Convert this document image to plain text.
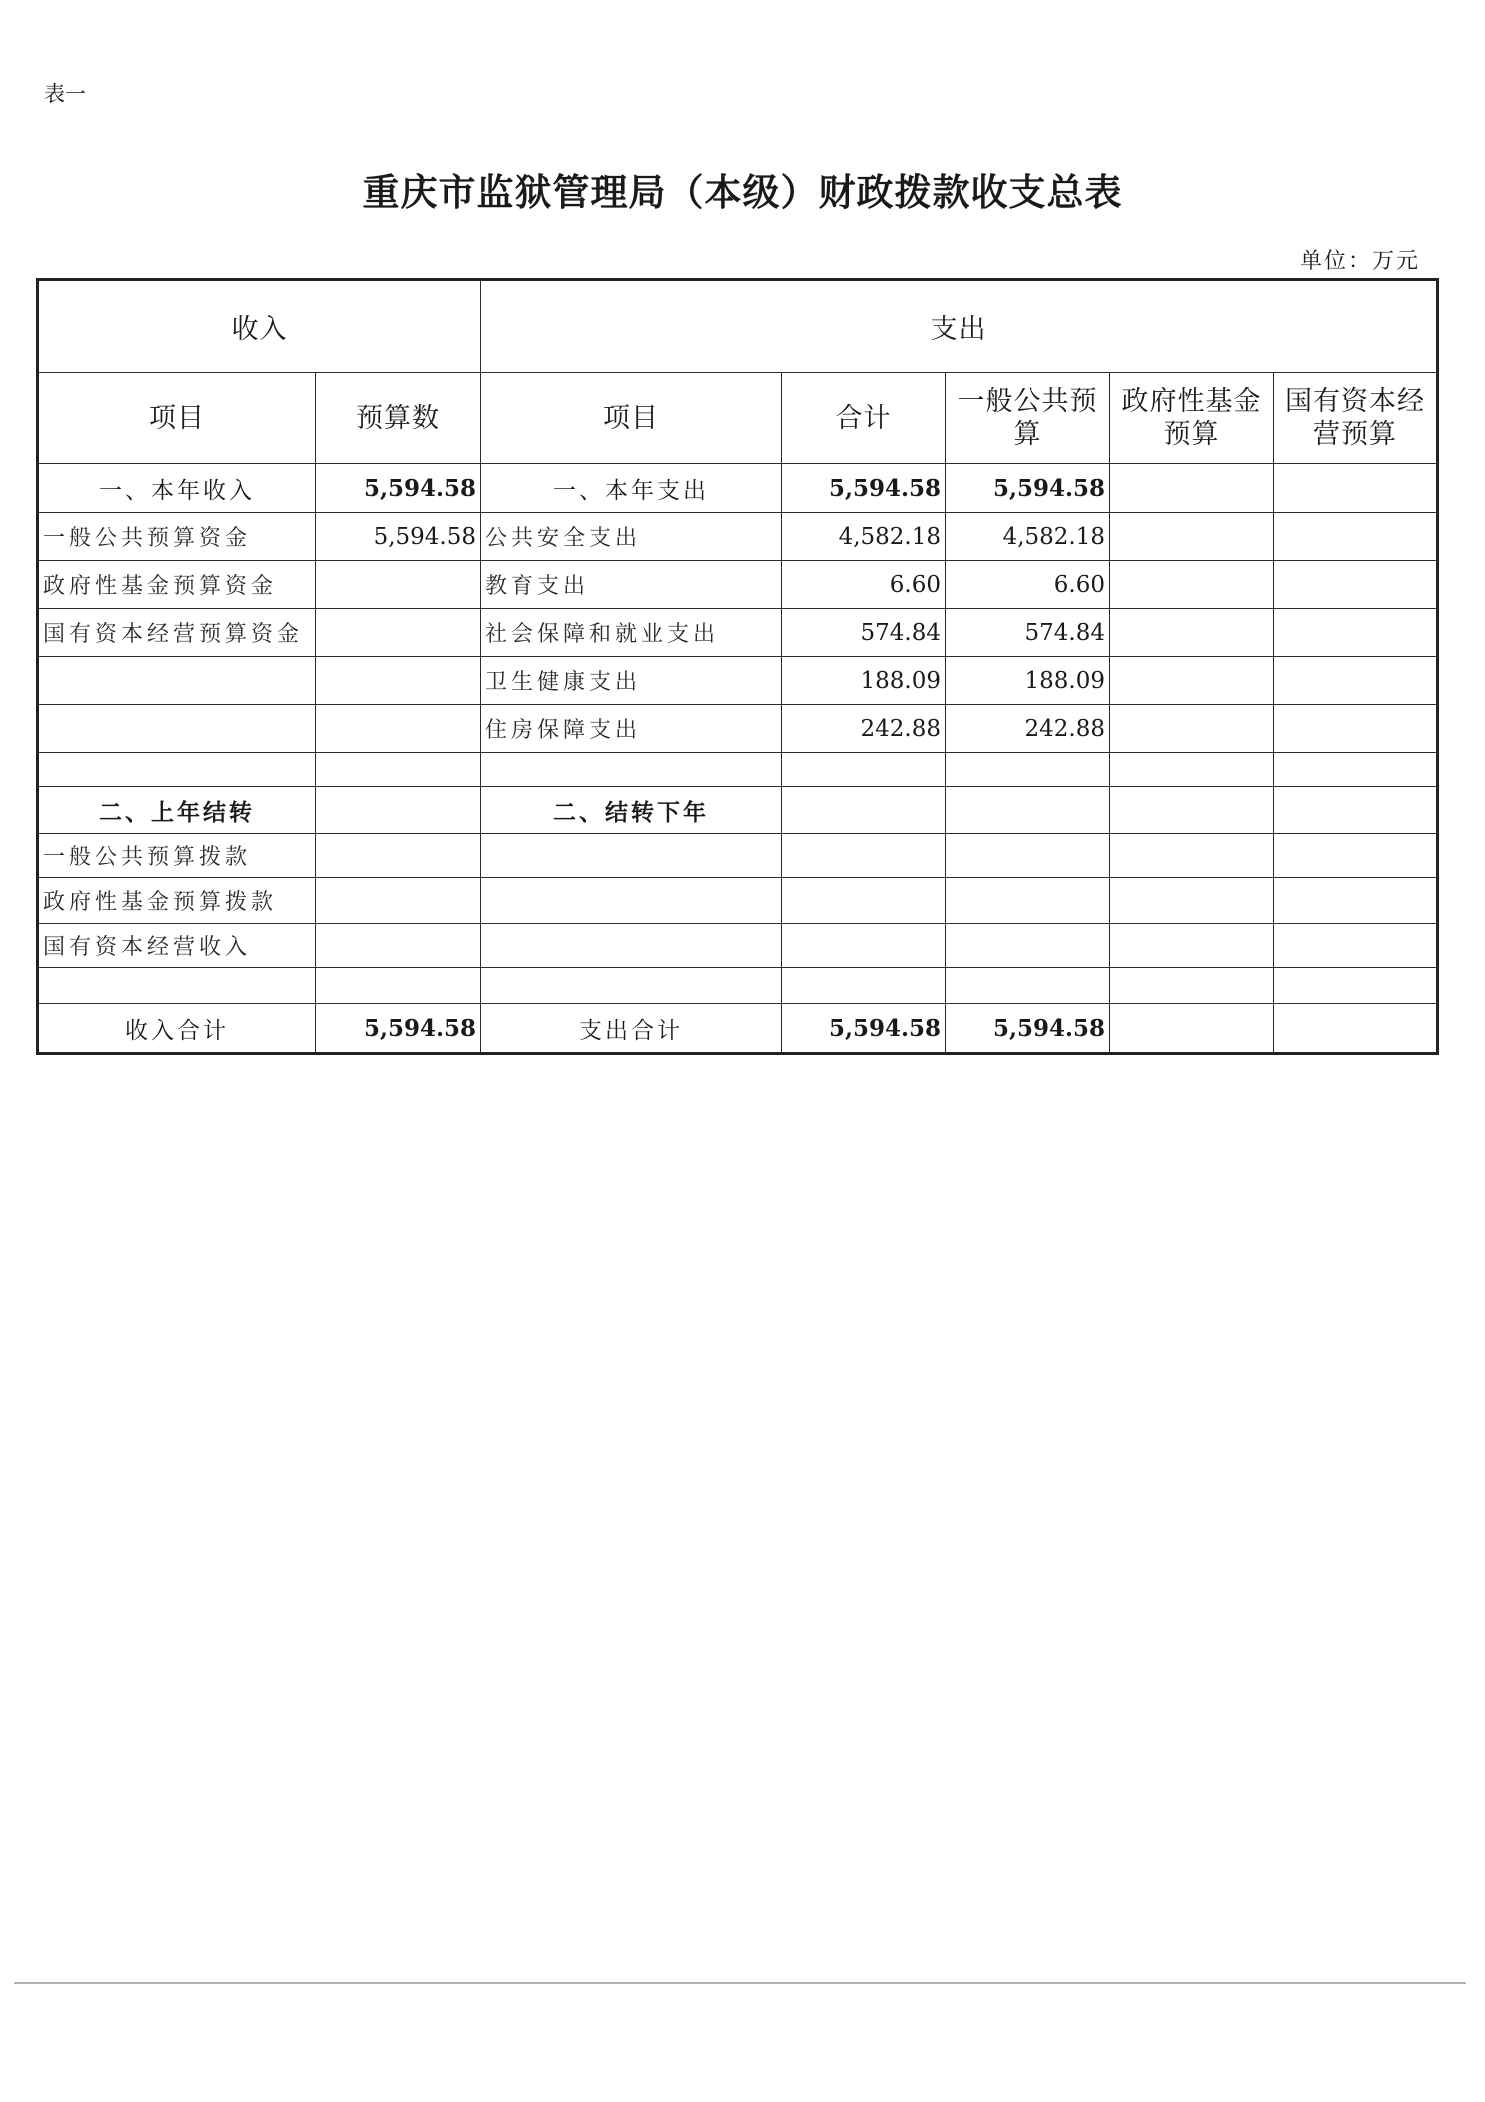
表一
重庆市监狱管理局（本级）财政拨款收支总表
单位：万元
收入		支出				
项目	预算数	项目	合计	一般公共预算	政府性基金预算	国有资本经营预算
一、本年收入	5,594.58	一、本年支出	5,594.58	5,594.58		
一般公共预算资金	5,594.58	公共安全支出	4,582.18	4,582.18		
政府性基金预算资金		教育支出	6.60	6.60		
国有资本经营预算资金		社会保障和就业支出	574.84	574.84		
		卫生健康支出	188.09	188.09		
		住房保障支出	242.88	242.88		

二、上年结转		二、结转下年				
一般公共预算拨款						
政府性基金预算拨款						
国有资本经营收入						

收入合计	5,594.58	支出合计	5,594.58	5,594.58		
